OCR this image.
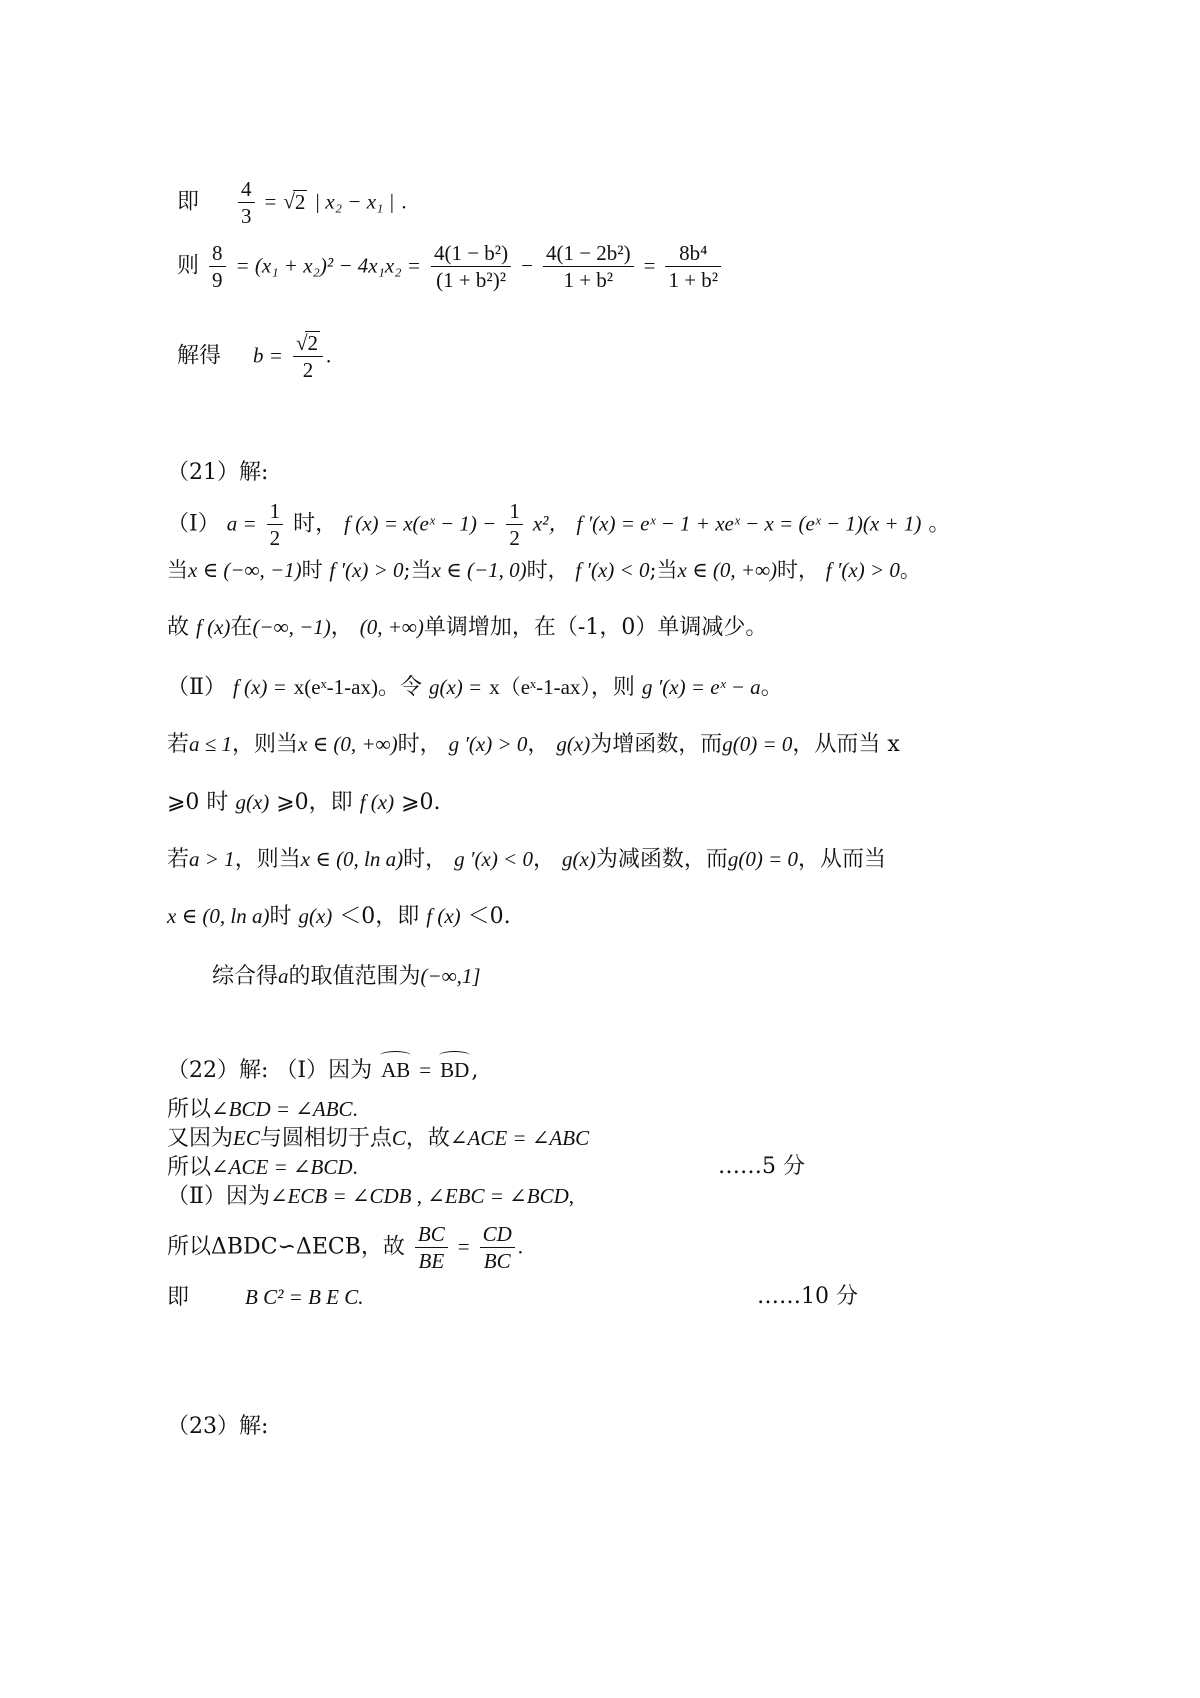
即 $\frac{4}{3} = √2$ | x₂ − x₁ | .
则 $\frac{8}{9} = (x_1 + x_2)^2 - 4x_1x_2 = \frac{\text{4(1 − b²)}}{\text{(1 + b²)²}} - \frac{\text{4(1 − 2b²)}}{\text{1 + b²}} = \frac{\text{8b⁴}}{\text{1 + b²}}$
解得 $b = \frac{√2}{2}$ .
（21）解:
（Ⅰ） $a = \frac{1}{2}$ 时， f (x) = x(eˣ − $1) - \frac{1}{2} x^2$， f ′(x) = eˣ − 1 + xeˣ − x = (eˣ − 1)(x + 1) 。
当x ∈ (−∞, −1)时 f ′(x) > 0;当x ∈ (−1, 0)时， f ′(x) < 0;当x ∈ (0, +∞)时， f ′(x) > 0。
故 f (x)在(−∞, −1)， (0, +∞)单调增加，在（-1，0）单调减少。
（Ⅱ） f (x) = x(eˣ-1-ax)。令 g(x) = x（eˣ-1-ax），则 g ′(x) = eˣ − a。
若a ≤ 1，则当x ∈ (0, +∞)时， g ′(x) > 0， g(x)为增函数，而g(0) = 0，从而当 x
⩾0 时 g(x) ⩾0，即 f (x) ⩾0.
若a > 1，则当x ∈ (0, ln a)时， g ′(x) < 0， g(x)为减函数，而g(0) = 0，从而当
x ∈ (0, ln a)时 g(x) ＜0，即 f (x) ＜0.
综合得a的取值范围为(−∞,1]
（22）解: （Ⅰ）因为 AB = BD,
所以∠BCD = ∠ABC.
又因为EC与圆相切于点C，故∠ACE = ∠ABC
所以∠ACE = ∠BCD.	……5 分
（Ⅱ）因为∠ECB = ∠CDB , ∠EBC = ∠BCD,
所以ΔBDC∽ΔECB，故 $\frac{BC}{BE} = \frac{CD}{BC}$ .
即	B C² = B E C.	……10 分
（23）解:
